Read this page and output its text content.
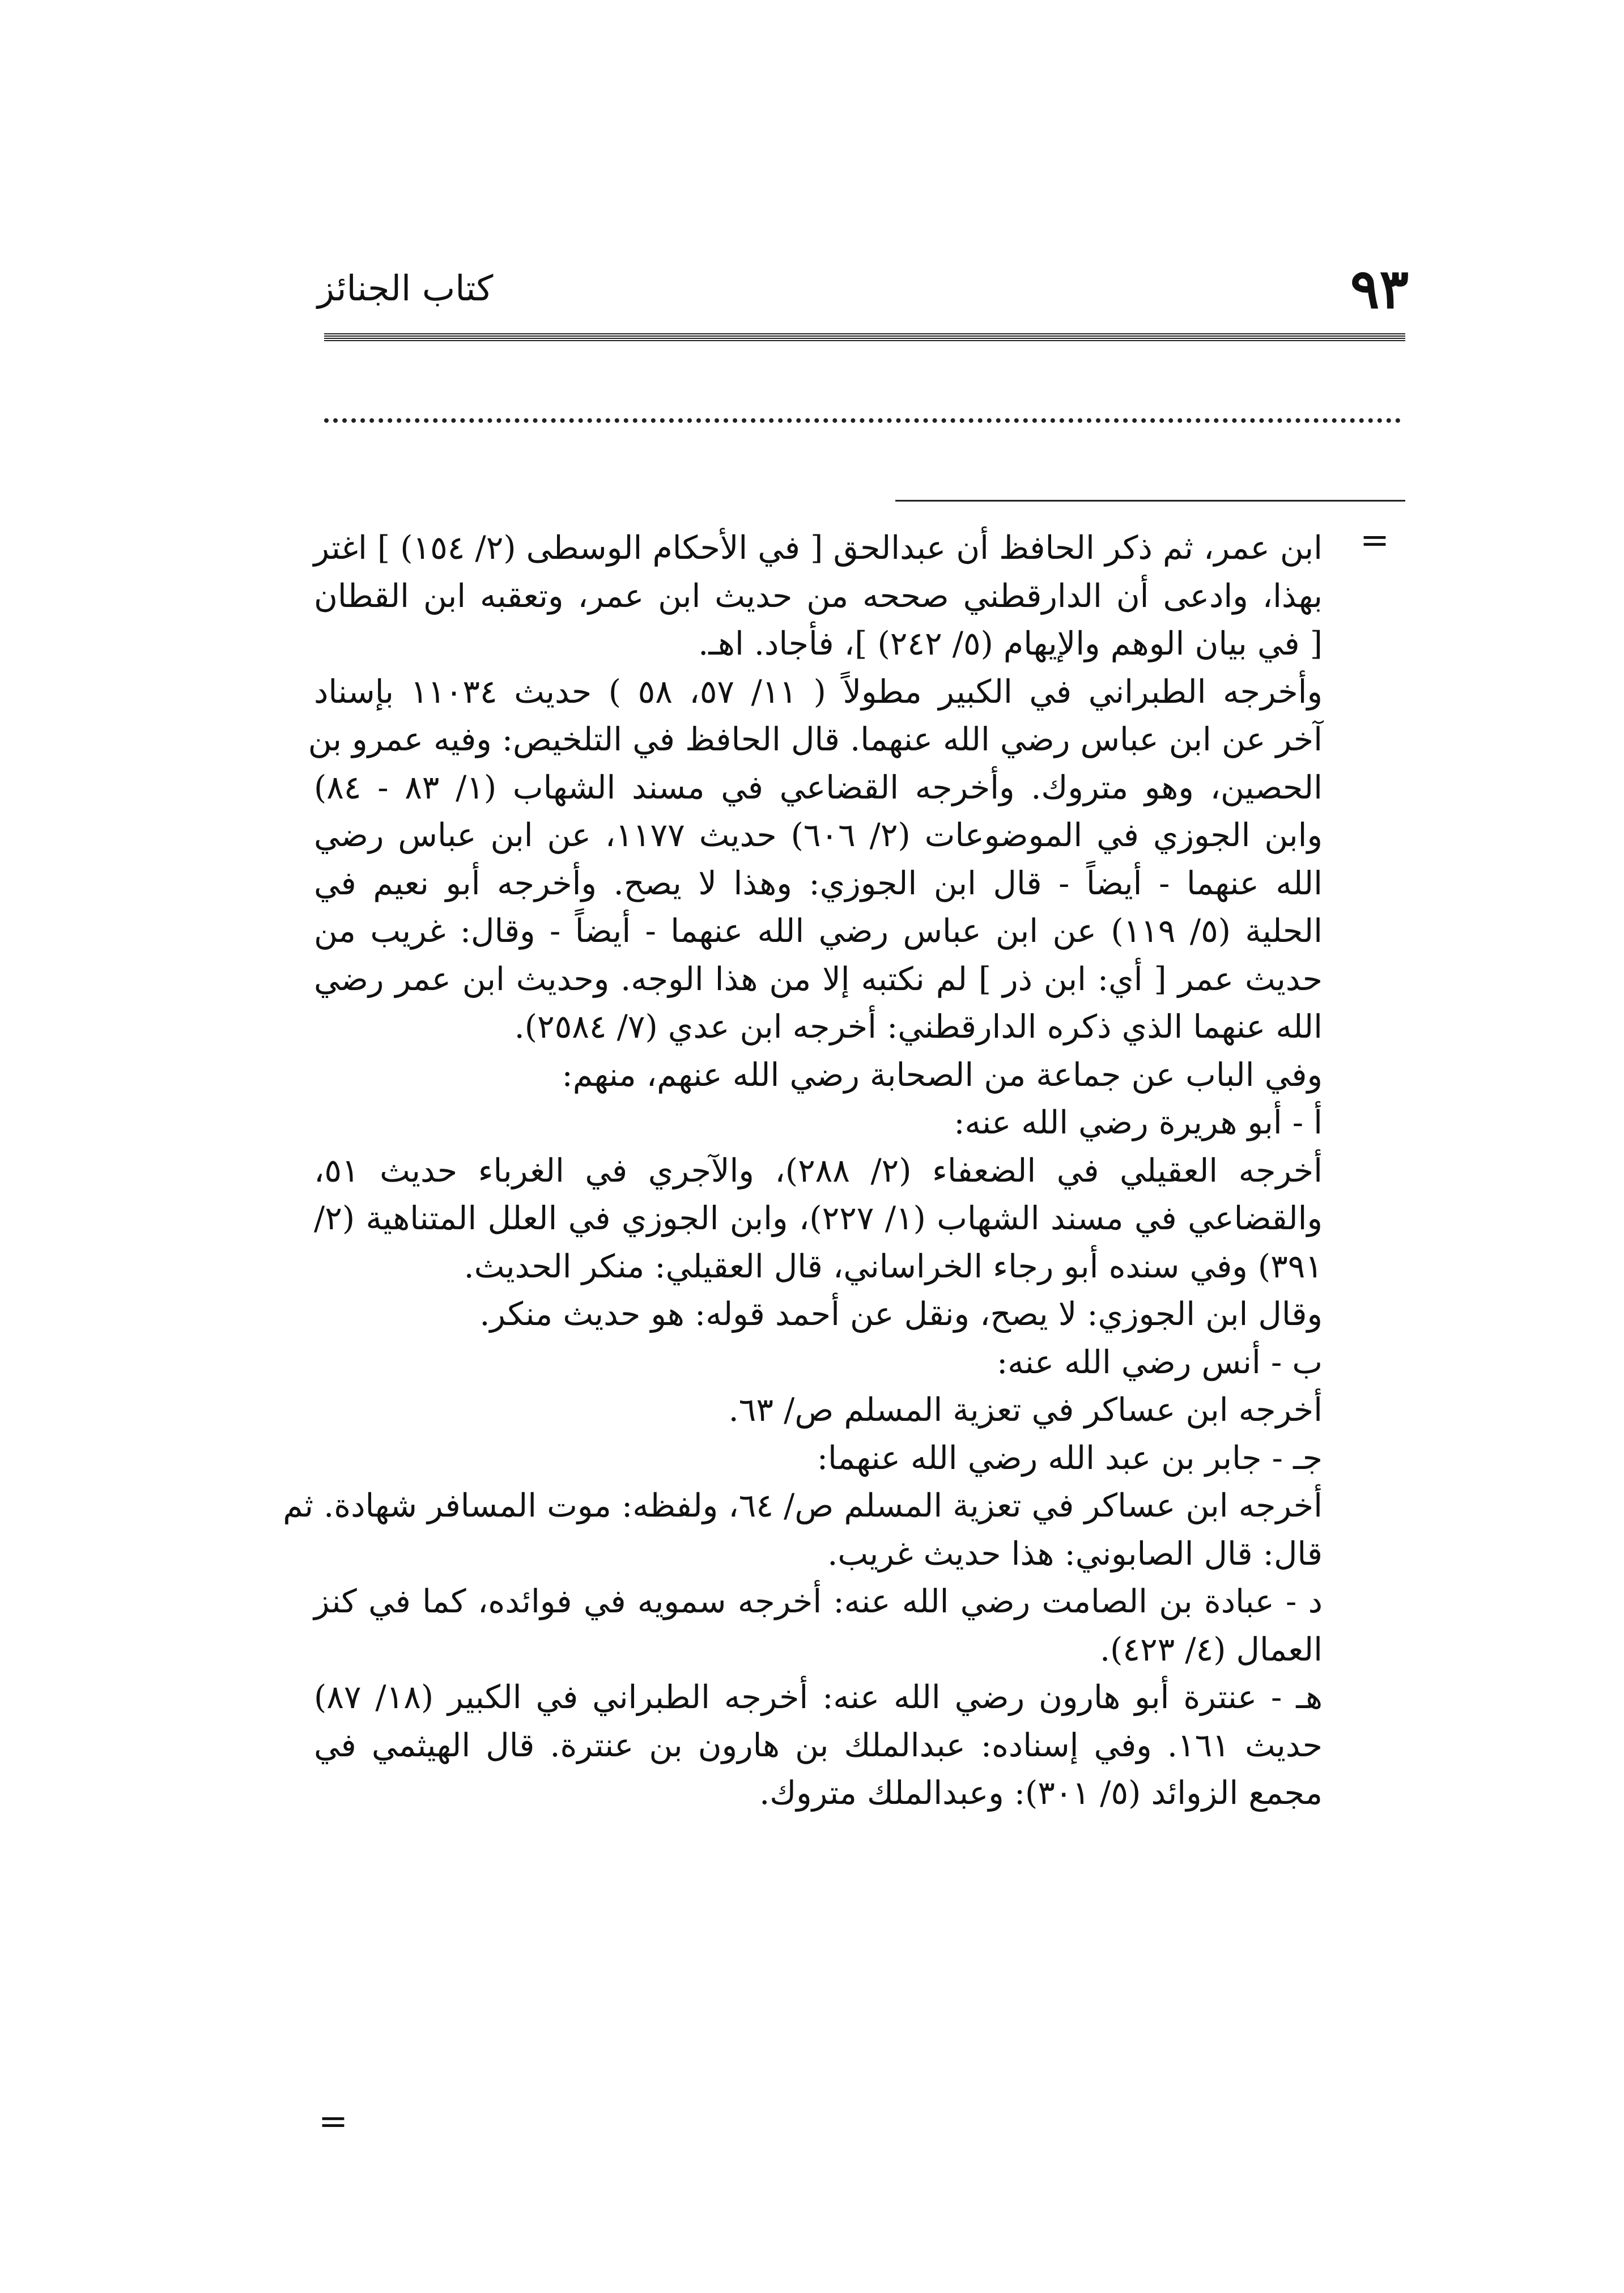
٩٣
كتاب الجنائز
=
ابن عمر، ثم ذكر الحافظ أن عبدالحق [ في الأحكام الوسطى (٢/ ١٥٤) ] اغتر
بهذا، وادعى أن الدارقطني صححه من حديث ابن عمر، وتعقبه ابن القطان
[ في بيان الوهم والإيهام (٥/ ٢٤٢) ]، فأجاد. اهـ.
وأخرجه الطبراني في الكبير مطولاً ( ١١/ ٥٧، ٥٨ ) حديث ١١٠٣٤ بإسناد
آخر عن ابن عباس رضي الله عنهما. قال الحافظ في التلخيص: وفيه عمرو بن
الحصين، وهو متروك. وأخرجه القضاعي في مسند الشهاب (١/ ٨٣ - ٨٤)
وابن الجوزي في الموضوعات (٢/ ٦٠٦) حديث ١١٧٧، عن ابن عباس رضي
الله عنهما - أيضاً - قال ابن الجوزي: وهذا لا يصح. وأخرجه أبو نعيم في
الحلية (٥/ ١١٩) عن ابن عباس رضي الله عنهما - أيضاً - وقال: غريب من
حديث عمر [ أي: ابن ذر ] لم نكتبه إلا من هذا الوجه. وحديث ابن عمر رضي
الله عنهما الذي ذكره الدارقطني: أخرجه ابن عدي (٧/ ٢٥٨٤).
وفي الباب عن جماعة من الصحابة رضي الله عنهم، منهم:
أ - أبو هريرة رضي الله عنه:
أخرجه العقيلي في الضعفاء (٢/ ٢٨٨)، والآجري في الغرباء حديث ٥١،
والقضاعي في مسند الشهاب (١/ ٢٢٧)، وابن الجوزي في العلل المتناهية (٢/
٣٩١) وفي سنده أبو رجاء الخراساني، قال العقيلي: منكر الحديث.
وقال ابن الجوزي: لا يصح، ونقل عن أحمد قوله: هو حديث منكر.
ب - أنس رضي الله عنه:
أخرجه ابن عساكر في تعزية المسلم ص/ ٦٣.
جـ - جابر بن عبد الله رضي الله عنهما:
أخرجه ابن عساكر في تعزية المسلم ص/ ٦٤، ولفظه: موت المسافر شهادة. ثم
قال: قال الصابوني: هذا حديث غريب.
د - عبادة بن الصامت رضي الله عنه: أخرجه سمويه في فوائده، كما في كنز
العمال (٤/ ٤٢٣).
هـ - عنترة أبو هارون رضي الله عنه: أخرجه الطبراني في الكبير (١٨/ ٨٧)
حديث ١٦١. وفي إسناده: عبدالملك بن هارون بن عنترة. قال الهيثمي في
مجمع الزوائد (٥/ ٣٠١): وعبدالملك متروك.
=
